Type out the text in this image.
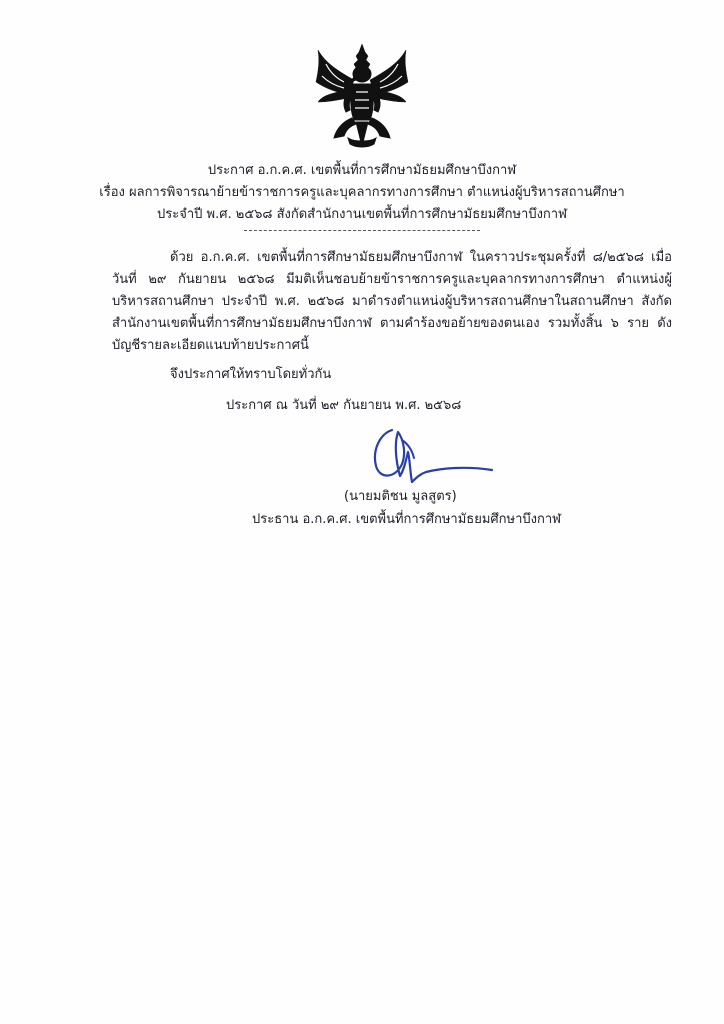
ประกาศ อ.ก.ค.ศ. เขตพื้นที่การศึกษามัธยมศึกษาบึงกาฬ
เรื่อง ผลการพิจารณาย้ายข้าราชการครูและบุคลากรทางการศึกษา ตำแหน่งผู้บริหารสถานศึกษา
ประจำปี พ.ศ. ๒๕๖๘ สังกัดสำนักงานเขตพื้นที่การศึกษามัธยมศึกษาบึงกาฬ

ด้วย อ.ก.ค.ศ. เขตพื้นที่การศึกษามัธยมศึกษาบึงกาฬ ในคราวประชุมครั้งที่ ๘/๒๕๖๘ เมื่อวันที่ ๒๙ กันยายน ๒๕๖๘ มีมติเห็นชอบย้ายข้าราชการครูและบุคลากรทางการศึกษา ตำแหน่งผู้บริหารสถานศึกษา ประจำปี พ.ศ. ๒๕๖๘ มาดำรงตำแหน่งผู้บริหารสถานศึกษาในสถานศึกษา สังกัดสำนักงานเขตพื้นที่การศึกษามัธยมศึกษาบึงกาฬ ตามคำร้องขอย้ายของตนเอง รวมทั้งสิ้น ๖ ราย ดังบัญชีรายละเอียดแนบท้ายประกาศนี้

จึงประกาศให้ทราบโดยทั่วกัน
ประกาศ ณ วันที่ ๒๙ กันยายน พ.ศ. ๒๕๖๘
(นายมติชน มูลสูตร)
ประธาน อ.ก.ค.ศ. เขตพื้นที่การศึกษามัธยมศึกษาบึงกาฬ
